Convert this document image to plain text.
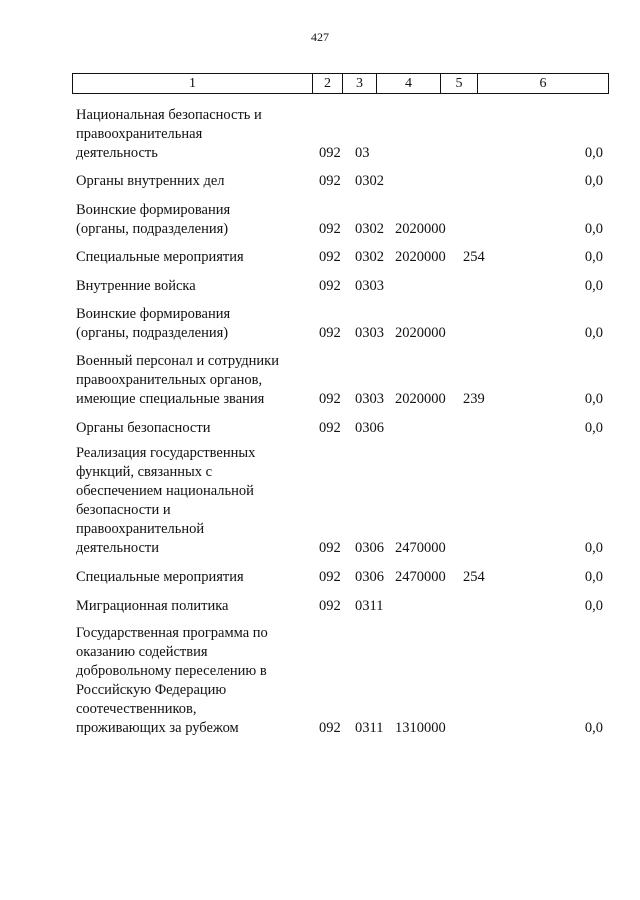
427
1	2	3	4	5	6
Национальная безопасность и
правоохранительная
деятельность	092 03	0,0
Органы внутренних дел	092 0302	0,0
Воинские формирования
(органы, подразделения)	092 0302 2020000	0,0
Специальные мероприятия	092 0302 2020000 254	0,0
Внутренние войска	092 0303	0,0
Воинские формирования
(органы, подразделения)	092 0303 2020000	0,0
Военный персонал и сотрудники
правоохранительных органов,
имеющие специальные звания	092 0303 2020000 239	0,0
Органы безопасности	092 0306	0,0
Реализация государственных
функций, связанных с
обеспечением национальной
безопасности и
правоохранительной
деятельности	092 0306 2470000	0,0
Специальные мероприятия	092 0306 2470000 254	0,0
Миграционная политика	092 0311	0,0
Государственная программа по
оказанию содействия
добровольному переселению в
Российскую Федерацию
соотечественников,
проживающих за рубежом	092 0311 1310000	0,0
